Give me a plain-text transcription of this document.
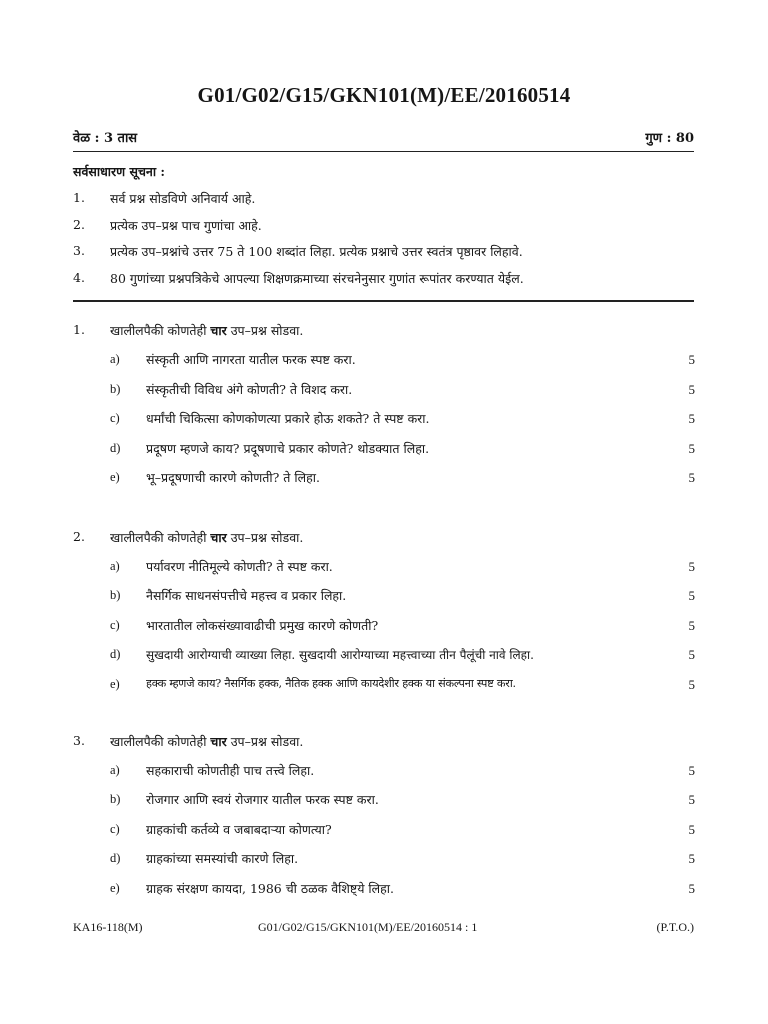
G01/G02/G15/GKN101(M)/EE/20160514
वेळ : 3 तास	गुण : 80
सर्वसाधारण सूचना :
1. सर्व प्रश्न सोडविणे अनिवार्य आहे.
2. प्रत्येक उप–प्रश्न पाच गुणांचा आहे.
3. प्रत्येक उप–प्रश्नांचे उत्तर 75 ते 100 शब्दांत लिहा. प्रत्येक प्रश्नाचे उत्तर स्वतंत्र पृष्ठावर लिहावे.
4. 80 गुणांच्या प्रश्नपत्रिकेचे आपल्या शिक्षणक्रमाच्या संरचनेनुसार गुणांत रूपांतर करण्यात येईल.
1. खालीलपैकी कोणतेही चार उप–प्रश्न सोडवा.
a) संस्कृती आणि नागरता यातील फरक स्पष्ट करा.	5
b) संस्कृतीची विविध अंगे कोणती? ते विशद करा.	5
c) धर्मांची चिकित्सा कोणकोणत्या प्रकारे होऊ शकते? ते स्पष्ट करा.	5
d) प्रदूषण म्हणजे काय? प्रदूषणाचे प्रकार कोणते? थोडक्यात लिहा.	5
e) भू–प्रदूषणाची कारणे कोणती? ते लिहा.	5
2. खालीलपैकी कोणतेही चार उप–प्रश्न सोडवा.
a) पर्यावरण नीतिमूल्ये कोणती? ते स्पष्ट करा.	5
b) नैसर्गिक साधनसंपत्तीचे महत्त्व व प्रकार लिहा.	5
c) भारतातील लोकसंख्यावाढीची प्रमुख कारणे कोणती?	5
d) सुखदायी आरोग्याची व्याख्या लिहा. सुखदायी आरोग्याच्या महत्त्वाच्या तीन पैलूंची नावे लिहा.	5
e) हक्क म्हणजे काय? नैसर्गिक हक्क, नैतिक हक्क आणि कायदेशीर हक्क या संकल्पना स्पष्ट करा.	5
3. खालीलपैकी कोणतेही चार उप–प्रश्न सोडवा.
a) सहकाराची कोणतीही पाच तत्त्वे लिहा.	5
b) रोजगार आणि स्वयं रोजगार यातील फरक स्पष्ट करा.	5
c) ग्राहकांची कर्तव्ये व जबाबदाऱ्या कोणत्या?	5
d) ग्राहकांच्या समस्यांची कारणे लिहा.	5
e) ग्राहक संरक्षण कायदा, 1986 ची ठळक वैशिष्ट्ये लिहा.	5
KA16-118(M)	G01/G02/G15/GKN101(M)/EE/20160514 : 1	(P.T.O.)
